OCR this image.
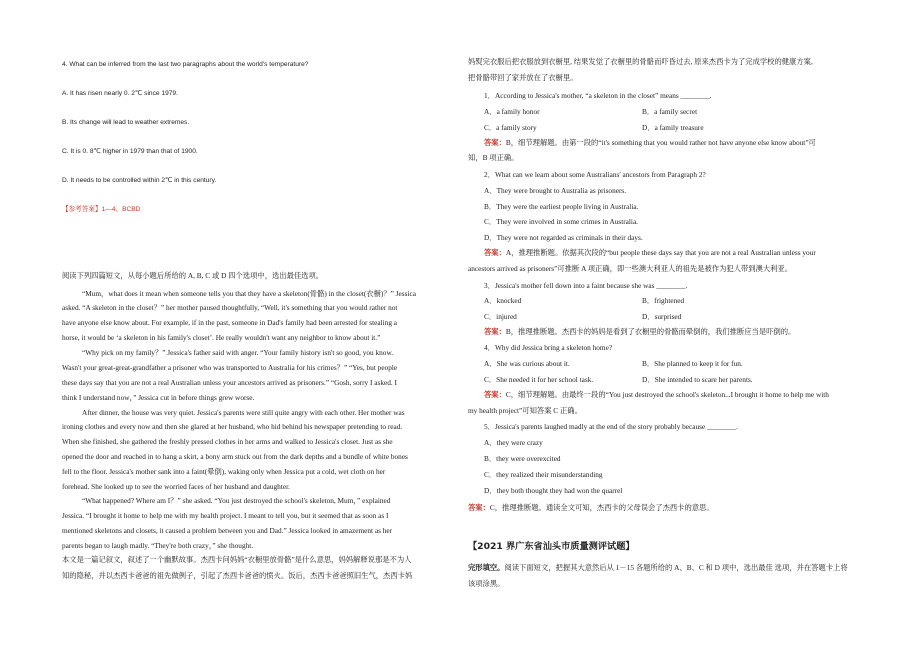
4. What can be inferred from the last two paragraphs about the world's temperature?
A. It has risen nearly 0. 2℃ since 1979.
B. Its change will lead to weather extremes.
C. It is 0. 8℃ higher in 1979 than that of 1900.
D. It needs to be controlled within 2℃ in this century.
【参考答案】1—4、BCBD
阅读下列四篇短文，从每小题后所给的 A, B, C 或 D 四个选项中，选出最佳选项。
“Mum，what does it mean when someone tells you that they have a skeleton(骨骼) in the closet(衣橱)？” Jessica
asked. “A skeleton in the closet？” her mother paused thoughtfully, “Well, it's something that you would rather not
have anyone else know about. For example, if in the past, someone in Dad's family had been arrested for stealing a
horse, it would be ‘a skeleton in his family's closet’. He really wouldn't want any neighbor to know about it.”
“Why pick on my family？” Jessica's father said with anger. “Your family history isn't so good, you know.
Wasn't your great-great-grandfather a prisoner who was transported to Australia for his crimes？” “Yes, but people
these days say that you are not a real Australian unless your ancestors arrived as prisoners.” “Gosh, sorry I asked. I
think I understand now，” Jessica cut in before things grew worse.
After dinner, the house was very quiet. Jessica's parents were still quite angry with each other. Her mother was
ironing clothes and every now and then she glared at her husband, who hid behind his newspaper pretending to read.
When she finished, she gathered the freshly pressed clothes in her arms and walked to Jessica's closet. Just as she
opened the door and reached in to hang a skirt, a bony arm stuck out from the dark depths and a bundle of white bones
fell to the floor. Jessica's mother sank into a faint(晕倒), waking only when Jessica put a cold, wet cloth on her
forehead. She looked up to see the worried faces of her husband and daughter.
“What happened? Where am I？” she asked. “You just destroyed the school's skeleton, Mum，” explained
Jessica. “I brought it home to help me with my health project. I meant to tell you, but it seemed that as soon as I
mentioned skeletons and closets, it caused a problem between you and Dad.” Jessica looked in amazement as her
parents began to laugh madly. “They're both crazy，” she thought.
本文是一篇记叙文，叙述了一个幽默故事。杰西卡问妈妈“衣橱里放骨骼”是什么意思，妈妈解释说那是不为人
知的隐秘，并以杰西卡爸爸的祖先做例子，引起了杰西卡爸爸的愤火。饭后，杰西卡爸爸照旧生气，杰西卡妈
妈熨完衣服后把衣服放到衣橱里, 结果发觉了衣橱里的骨骼而吓昏过去, 原来杰西卡为了完成学校的健康方案,
把骨骼带回了家并放在了衣橱里。
1．According to Jessica's mother, “a skeleton in the closet” means ________.
A．a family honor	B．a family secret
C．a family story	D．a family treasure
答案：B，细节理解题。由第一段的“it's something that you would rather not have anyone else know about”可
知，B 项正确。
2．What can we learn about some Australians' ancestors from Paragraph 2?
A．They were brought to Australia as prisoners.
B．They were the earliest people living in Australia.
C．They were involved in some crimes in Australia.
D．They were not regarded as criminals in their days.
答案：A，推理推断题。依据其次段的“but people these days say that you are not a real Australian unless your
ancestors arrived as prisoners”可推断 A 项正确，即一些澳大利亚人的祖先是被作为犯人带到澳大利亚。
3．Jessica's mother fell down into a faint because she was ________.
A．knocked	B．frightened
C．injured	D．surprised
答案：B，推理推断题。杰西卡的妈妈是看到了衣橱里的骨骼而晕倒的，我们推断应当是吓倒的。
4．Why did Jessica bring a skeleton home?
A．She was curious about it.	B．She planned to keep it for fun.
C．She needed it for her school task.	D．She intended to scare her parents.
答案：C，细节理解题。由最终一段的“You just destroyed the school's skeleton...I brought it home to help me with
my health project”可知答案 C 正确。
5．Jessica's parents laughed madly at the end of the story probably because ________.
A．they were crazy
B．they were overexcited
C．they realized their misunderstanding
D．they both thought they had won the quarrel
答案：C，推理推断题。通读全文可知，杰西卡的父母误会了杰西卡的意思。
【2021 界广东省汕头市质量测评试题】
完形填空。阅读下面短文，把握其大意然后从 1－15 各题所给的 A、B、C 和 D 项中，选出最佳 选项，并在答题卡上将
该项涂黑。
